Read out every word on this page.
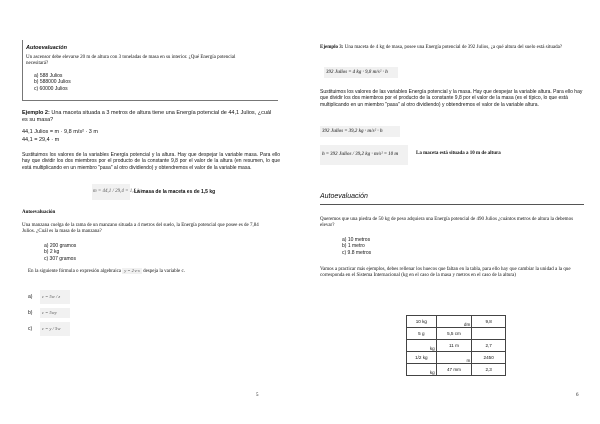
Autoevaluación
Un ascensor debe elevarse 20 m de altura con 3 toneladas de masa en su interior. ¿Qué Energía potencial necesitará?
a) 588 Julios
b) 588000 Julios
c) 60000 Julios
Ejemplo 2: Una maceta situada a 3 metros de altura tiene una Energía potencial de 44,1 Julios, ¿cuál es su masa?
44,1 Julios = m · 9,8 m/s² · 3 m
44,1 = 29,4 · m
Sustituimos los valores de la variables Energía potencial y la altura. Hay que despejar la variable masa. Para ello hay que dividir los dos miembros por el producto de la constante 9,8 por el valor de la altura (en resumen, lo que está multiplicando en un miembro "pasa" al otro dividiendo) y obtendremos el valor de la variable masa.
m = 44,1 / 29,4 = 1,5 kg
La masa de la maceta es de 1,5 kg
Autoevaluación
Una manzana cuelga de la rama de un manzano situada a 4 metros del suelo, la Energía potencial que posee es de 7,84 Julios. ¿Cuál es la masa de la manzana?
a) 200 gramos
b) 2 kg
c) 307 gramos
En la siguiente fórmula o expresión algebraica y = 2·z·x despeja la variable c.
a)	c = 5w / z
b)	c = 5wy
c)	c = y / 5w
5
Ejemplo 3: Una maceta de 4 kg de masa, posee una Energía potencial de 392 Julios, ¿a qué altura del suelo está situada?
392 Julios = 4 kg · 9,8 m/s² · h
Sustituimos los valores de las variables Energía potencial y la masa. Hay que despejar la variable altura. Para ello hay que dividir los dos miembros por el producto de la constante 9,8 por el valor de la masa (es el típico, lo que está multiplicando en un miembro "pasa" al otro dividiendo) y obtendremos el valor de la variable altura.
392 Julios = 39,2 kg · m/s² · h
h = 392 Julios / 39,2 kg · m/s² = 10 m	La maceta está situada a 10 m de altura
Autoevaluación
Queremos que una piedra de 50 kg de peso adquiera una Energía potencial de 490 Julios ¿cuántos metros de altura la debemos elevar?
a) 10 metros
b) 1 metro
c) 9.8 metros
Vamos a practicar más ejemplos, debes rellenar los huecos que faltan en la tabla, para ello hay que cambiar la unidad a la que corresponda en el Sistema Internacional (kg en el caso de la masa y metros en el caso de la altura)
10 kg	dm	9,8
5 g	5,5 cm	
kg	11 m	2,7
1/2 kg	m	2450
kg	47 mm	2,3
6
